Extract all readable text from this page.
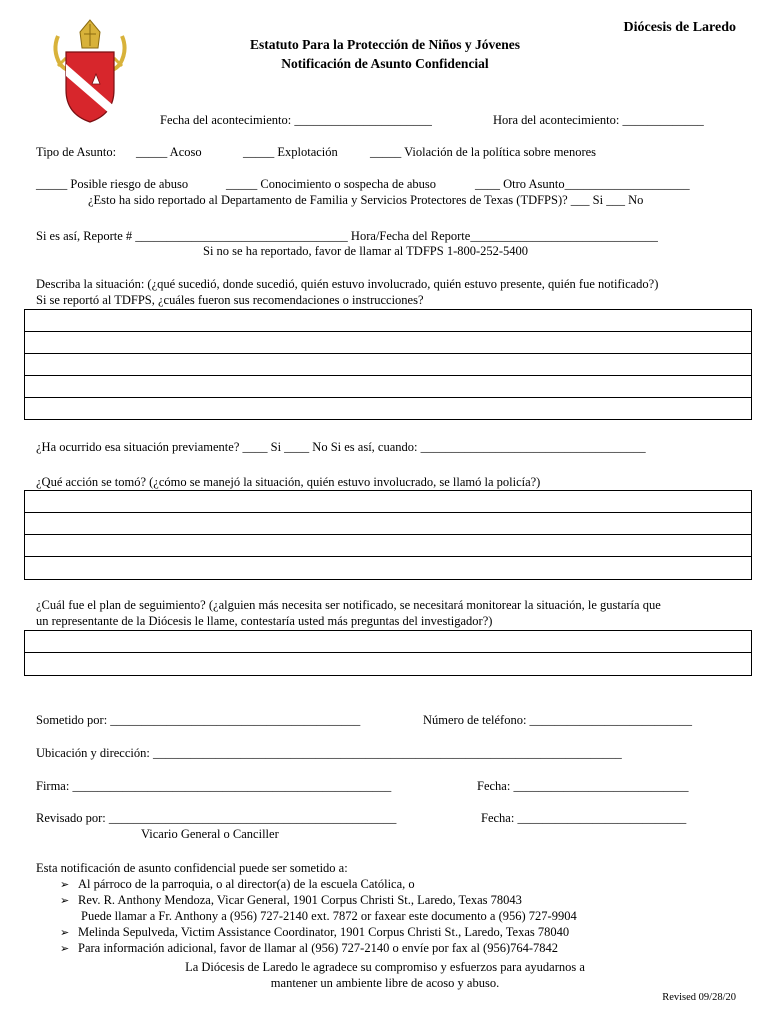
Diócesis de Laredo
Estatuto Para la Protección de Niños y Jóvenes
Notificación de Asunto Confidencial
Fecha del acontecimiento: ______________________	Hora del acontecimiento: _____________
Tipo de Asunto: _____ Acoso	_____ Explotación	_____ Violación de la política sobre menores
_____ Posible riesgo de abuso	_____ Conocimiento o sospecha de abuso	____ Otro Asunto____________________
¿Esto ha sido reportado al Departamento de Familia y Servicios Protectores de Texas (TDFPS)? ___ Si ___ No
Si es así, Reporte # __________________________________ Hora/Fecha del Reporte______________________________
Si no se ha reportado, favor de llamar al TDFPS 1-800-252-5400
Describa la situación: (¿qué sucedió, donde sucedió, quién estuvo involucrado, quién estuvo presente, quién fue notificado?)
Si se reportó al TDFPS, ¿cuáles fueron sus recomendaciones o instrucciones?
¿Ha ocurrido esa situación previamente? ____ Si ____ No Si es así, cuando: ____________________________________
¿Qué acción se tomó? (¿cómo se manejó la situación, quién estuvo involucrado, se llamó la policía?)
¿Cuál fue el plan de seguimiento? (¿alguien más necesita ser notificado, se necesitará monitorear la situación, le gustaría que
un representante de la Diócesis le llame, contestaría usted más preguntas del investigador?)
Sometido por: ________________________________________	Número de teléfono: __________________________
Ubicación y dirección: ___________________________________________________________________________
Firma: ___________________________________________________	Fecha: ____________________________
Revisado por: ______________________________________________	Fecha: ___________________________
Vicario General o Canciller
Esta notificación de asunto confidencial puede ser sometido a:
➢ Al párroco de la parroquia, o al director(a) de la escuela Católica, o
➢ Rev. R. Anthony Mendoza, Vicar General, 1901 Corpus Christi St., Laredo, Texas 78043
Puede llamar a Fr. Anthony a (956) 727-2140 ext. 7872 or faxear este documento a (956) 727-9904
➢ Melinda Sepulveda, Victim Assistance Coordinator, 1901 Corpus Christi St., Laredo, Texas 78040
➢ Para información adicional, favor de llamar al (956) 727-2140 o envíe por fax al (956)764-7842
La Diócesis de Laredo le agradece su compromiso y esfuerzos para ayudarnos a
mantener un ambiente libre de acoso y abuso.
Revised 09/28/20
